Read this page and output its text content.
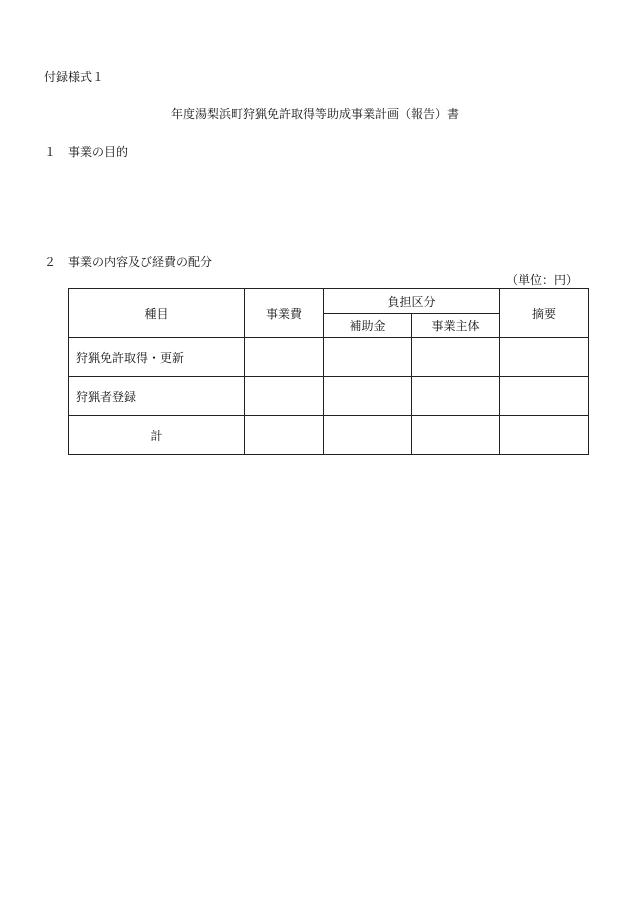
付録様式１
年度湯梨浜町狩猟免許取得等助成事業計画（報告）書
１ 事業の目的
２ 事業の内容及び経費の配分
（単位：円）
種目	事業費	負担区分		摘要
		補助金	事業主体	
狩猟免許取得・更新				
狩猟者登録				
計				
